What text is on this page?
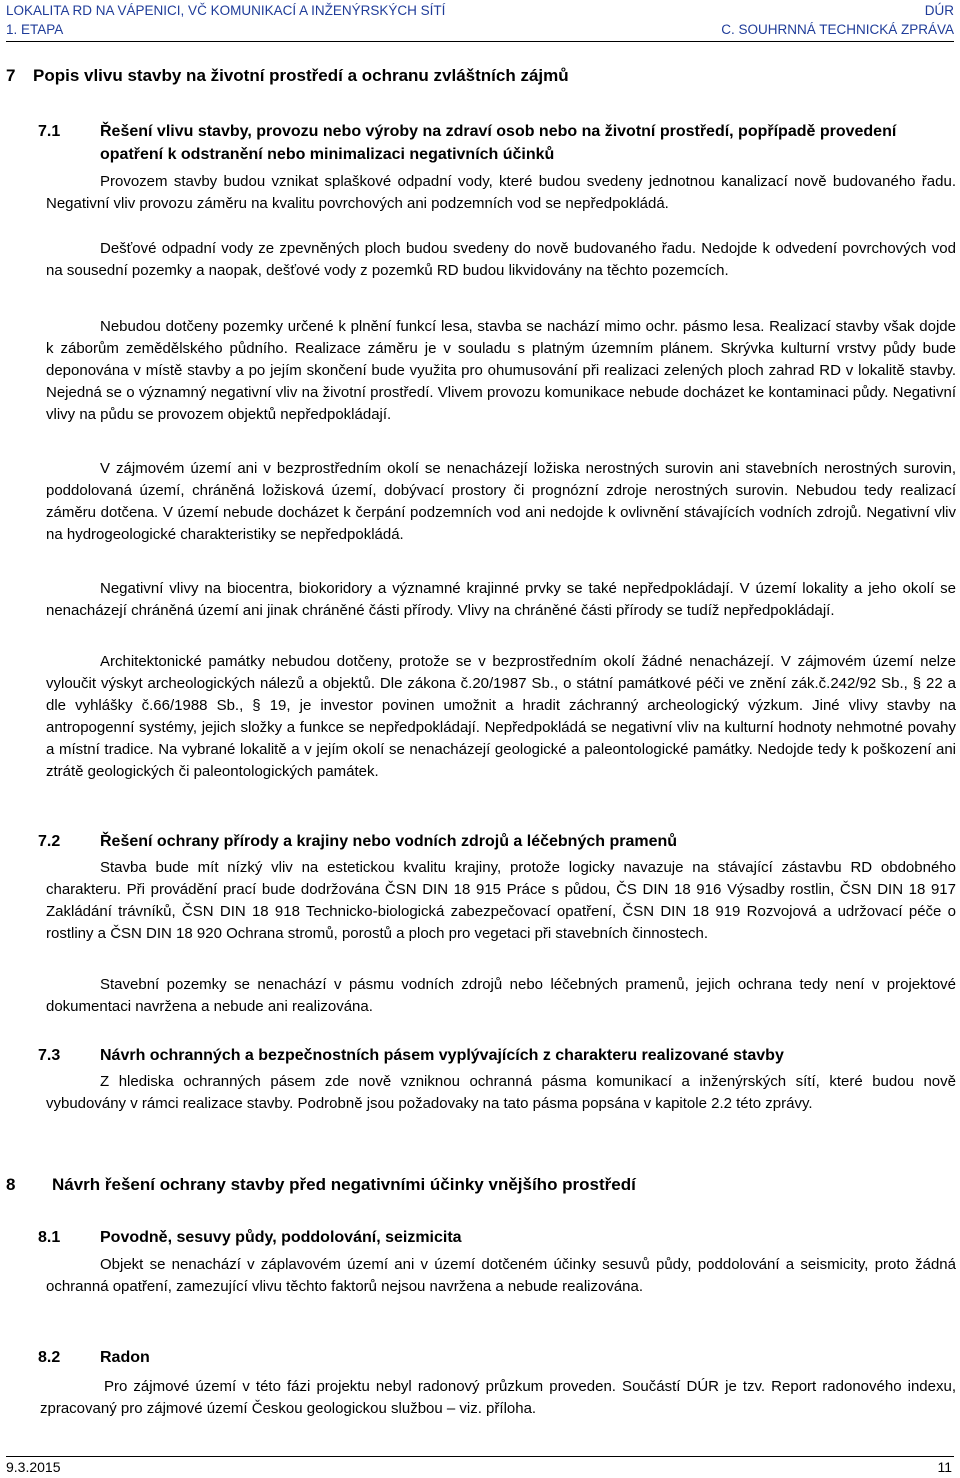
LOKALITA RD NA VÁPENICI, VČ KOMUNIKACÍ A INŽENÝRSKÝCH SÍTÍ	DÚR
1. ETAPA	C. SOUHRNNÁ TECHNICKÁ ZPRÁVA
7 Popis vlivu stavby na životní prostředí a ochranu zvláštních zájmů
7.1 Řešení vlivu stavby, provozu nebo výroby na zdraví osob nebo na životní prostředí, popřípadě provedení opatření k odstranění nebo minimalizaci negativních účinků
Provozem stavby budou vznikat splaškové odpadní vody, které budou svedeny jednotnou kanalizací nově budovaného řadu. Negativní vliv provozu záměru na kvalitu povrchových ani podzemních vod se nepředpokládá.
Dešťové odpadní vody ze zpevněných ploch budou svedeny do nově budovaného řadu. Nedojde k odvedení povrchových vod na sousední pozemky a naopak, dešťové vody z pozemků RD budou likvidovány na těchto pozemcích.
Nebudou dotčeny pozemky určené k plnění funkcí lesa, stavba se nachází mimo ochr. pásmo lesa. Realizací stavby však dojde k záborům zemědělského půdního. Realizace záměru je v souladu s platným územním plánem. Skrývka kulturní vrstvy půdy bude deponována v místě stavby a po jejím skončení bude využita pro ohumusování při realizaci zelených ploch zahrad RD v lokalitě stavby. Nejedná se o významný negativní vliv na životní prostředí. Vlivem provozu komunikace nebude docházet ke kontaminaci půdy. Negativní vlivy na půdu se provozem objektů nepředpokládají.
V zájmovém území ani v bezprostředním okolí se nenacházejí ložiska nerostných surovin ani stavebních nerostných surovin, poddolovaná území, chráněná ložisková území, dobývací prostory či prognózní zdroje nerostných surovin. Nebudou tedy realizací záměru dotčena. V území nebude docházet k čerpání podzemních vod ani nedojde k ovlivnění stávajících vodních zdrojů. Negativní vliv na hydrogeologické charakteristiky se nepředpokládá.
Negativní vlivy na biocentra, biokoridory a významné krajinné prvky se také nepředpokládají. V území lokality a jeho okolí se nenacházejí chráněná území ani jinak chráněné části přírody. Vlivy na chráněné části přírody se tudíž nepředpokládají.
Architektonické památky nebudou dotčeny, protože se v bezprostředním okolí žádné nenacházejí. V zájmovém území nelze vyloučit výskyt archeologických nálezů a objektů. Dle zákona č.20/1987 Sb., o státní památkové péči ve znění zák.č.242/92 Sb., § 22 a dle vyhlášky č.66/1988 Sb., § 19, je investor povinen umožnit a hradit záchranný archeologický výzkum. Jiné vlivy stavby na antropogenní systémy, jejich složky a funkce se nepředpokládají. Nepředpokládá se negativní vliv na kulturní hodnoty nehmotné povahy a místní tradice. Na vybrané lokalitě a v jejím okolí se nenacházejí geologické a paleontologické památky. Nedojde tedy k poškození ani ztrátě geologických či paleontologických památek.
7.2 Řešení ochrany přírody a krajiny nebo vodních zdrojů a léčebných pramenů
Stavba bude mít nízký vliv na estetickou kvalitu krajiny, protože logicky navazuje na stávající zástavbu RD obdobného charakteru. Při provádění prací bude dodržována ČSN DIN 18 915 Práce s půdou, ČS DIN 18 916 Výsadby rostlin, ČSN DIN 18 917 Zakládání trávníků, ČSN DIN 18 918 Technicko-biologická zabezpečovací opatření, ČSN DIN 18 919 Rozvojová a udržovací péče o rostliny a ČSN DIN 18 920 Ochrana stromů, porostů a ploch pro vegetaci při stavebních činnostech.
Stavební pozemky se nenachází v pásmu vodních zdrojů nebo léčebných pramenů, jejich ochrana tedy není v projektové dokumentaci navržena a nebude ani realizována.
7.3 Návrh ochranných a bezpečnostních pásem vyplývajících z charakteru realizované stavby
Z hlediska ochranných pásem zde nově vzniknou ochranná pásma komunikací a inženýrských sítí, které budou nově vybudovány v rámci realizace stavby. Podrobně jsou požadovaky na tato pásma popsána v kapitole 2.2 této zprávy.
8 Návrh řešení ochrany stavby před negativními účinky vnějšího prostředí
8.1 Povodně, sesuvy půdy, poddolování, seizmicita
Objekt se nenachází v záplavovém území ani v území dotčeném účinky sesuvů půdy, poddolování a seismicity, proto žádná ochranná opatření, zamezující vlivu těchto faktorů nejsou navržena a nebude realizována.
8.2 Radon
Pro zájmové území v této fázi projektu nebyl radonový průzkum proveden. Součástí DÚR je tzv. Report radonového indexu, zpracovaný pro zájmové území Českou geologickou službou – viz. příloha.
9.3.2015	11
